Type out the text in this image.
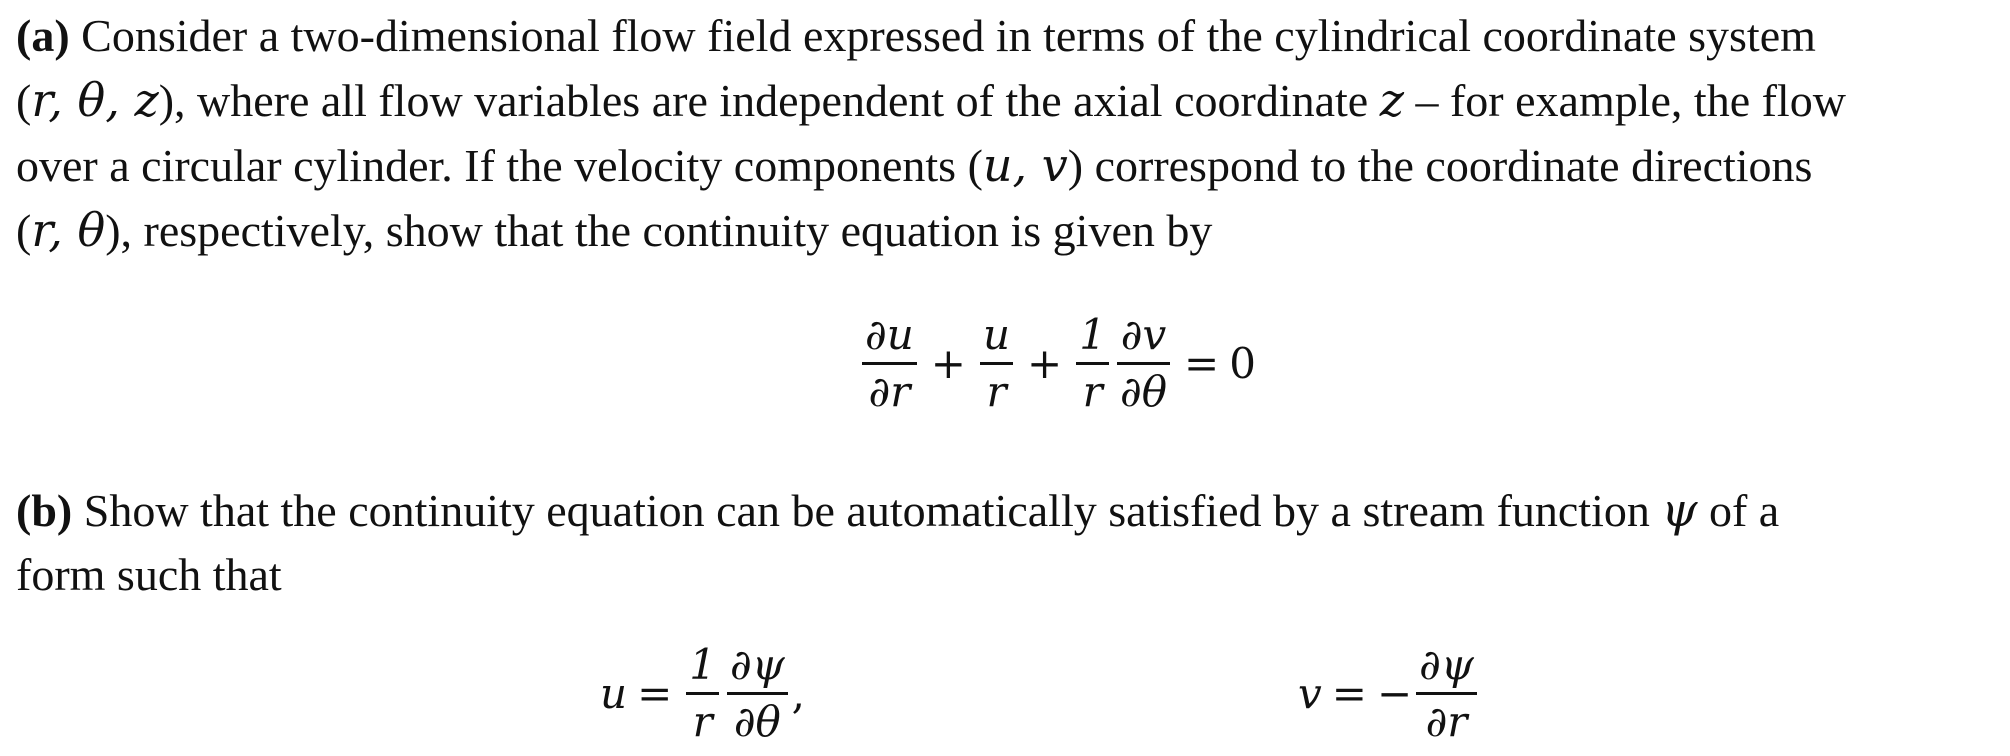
(a) Consider a two-dimensional flow field expressed in terms of the cylindrical coordinate system
(r, θ, z), where all flow variables are independent of the axial coordinate z – for example, the flow
over a circular cylinder. If the velocity components (u, v) correspond to the coordinate directions
(r, θ), respectively, show that the continuity equation is given by

$\frac{\partial u}{\partial r} + \frac{u}{r} + \frac{1}{r} \frac{\partial v}{\partial\theta} = 0$

(b) Show that the continuity equation can be automatically satisfied by a stream function ψ of a
form such that

$u = \frac{1}{r} \frac{\partial\psi}{\partial\theta}$ ,	v = − $\frac{\partial\psi}{\partial r}$
